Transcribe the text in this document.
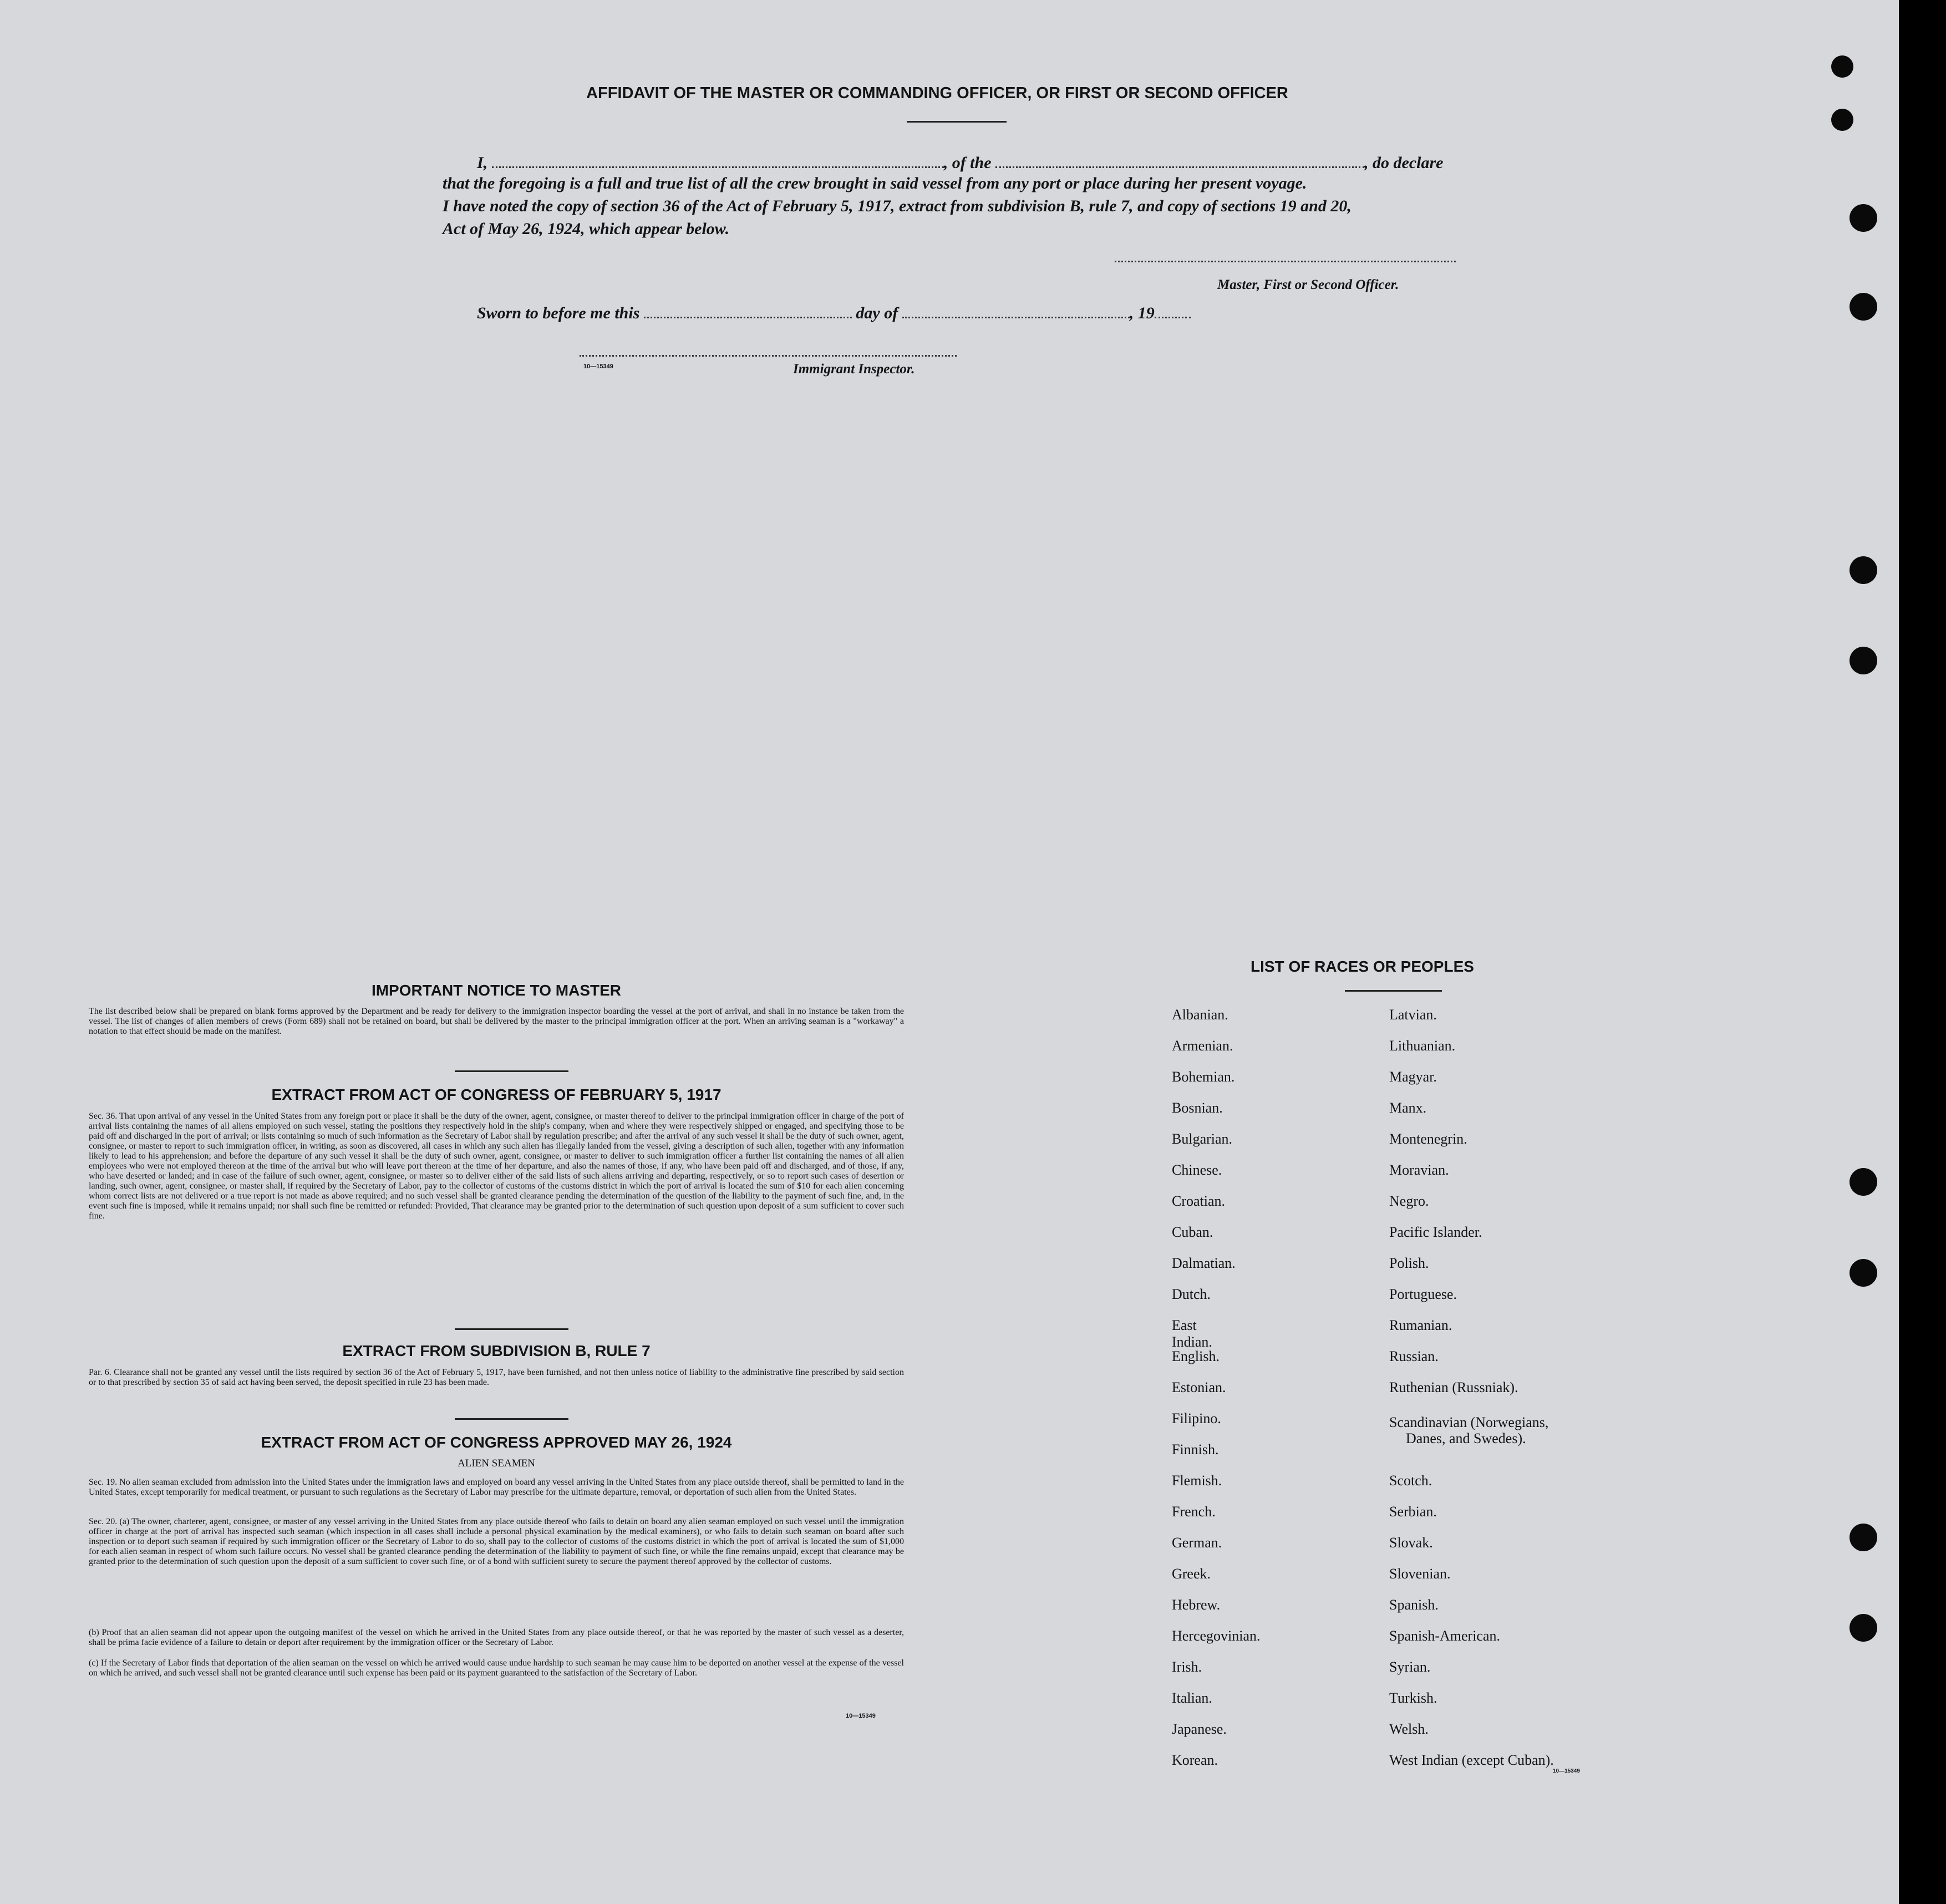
AFFIDAVIT OF THE MASTER OR COMMANDING OFFICER, OR FIRST OR SECOND OFFICER
I,	, of the	, do declare
that the foregoing is a full and true list of all the crew brought in said vessel from any port or place during her present voyage.
I have noted the copy of section 36 of the Act of February 5, 1917, extract from subdivision B, rule 7, and copy of sections 19 and 20,
Act of May 26, 1924, which appear below.
Master, First or Second Officer.
Sworn to before me this	day of	, 19
10—15349	Immigrant Inspector.
IMPORTANT NOTICE TO MASTER
The list described below shall be prepared on blank forms approved by the Department and be ready for delivery to the immigration inspector boarding the vessel at the port of arrival, and shall in no instance be taken from the vessel. The list of changes of alien members of crews (Form 689) shall not be retained on board, but shall be delivered by the master to the principal immigration officer at the port. When an arriving seaman is a "workaway" a notation to that effect should be made on the manifest.
EXTRACT FROM ACT OF CONGRESS OF FEBRUARY 5, 1917
Sec. 36. That upon arrival of any vessel in the United States from any foreign port or place it shall be the duty of the owner, agent, consignee, or master thereof to deliver to the principal immigration officer in charge of the port of arrival lists containing the names of all aliens employed on such vessel, stating the positions they respectively hold in the ship's company, when and where they were respectively shipped or engaged, and specifying those to be paid off and discharged in the port of arrival; or lists containing so much of such information as the Secretary of Labor shall by regulation prescribe; and after the arrival of any such vessel it shall be the duty of such owner, agent, consignee, or master to report to such immigration officer, in writing, as soon as discovered, all cases in which any such alien has illegally landed from the vessel, giving a description of such alien, together with any information likely to lead to his apprehension; and before the departure of any such vessel it shall be the duty of such owner, agent, consignee, or master to deliver to such immigration officer a further list containing the names of all alien employees who were not employed thereon at the time of the arrival but who will leave port thereon at the time of her departure, and also the names of those, if any, who have been paid off and discharged, and of those, if any, who have deserted or landed; and in case of the failure of such owner, agent, consignee, or master so to deliver either of the said lists of such aliens arriving and departing, respectively, or so to report such cases of desertion or landing, such owner, agent, consignee, or master shall, if required by the Secretary of Labor, pay to the collector of customs of the customs district in which the port of arrival is located the sum of $10 for each alien concerning whom correct lists are not delivered or a true report is not made as above required; and no such vessel shall be granted clearance pending the determination of the question of the liability to the payment of such fine, and, in the event such fine is imposed, while it remains unpaid; nor shall such fine be remitted or refunded: Provided, That clearance may be granted prior to the determination of such question upon deposit of a sum sufficient to cover such fine.
EXTRACT FROM SUBDIVISION B, RULE 7
Par. 6. Clearance shall not be granted any vessel until the lists required by section 36 of the Act of February 5, 1917, have been furnished, and not then unless notice of liability to the administrative fine prescribed by said section or to that prescribed by section 35 of said act having been served, the deposit specified in rule 23 has been made.
EXTRACT FROM ACT OF CONGRESS APPROVED MAY 26, 1924
ALIEN SEAMEN
Sec. 19. No alien seaman excluded from admission into the United States under the immigration laws and employed on board any vessel arriving in the United States from any place outside thereof, shall be permitted to land in the United States, except temporarily for medical treatment, or pursuant to such regulations as the Secretary of Labor may prescribe for the ultimate departure, removal, or deportation of such alien from the United States.
Sec. 20. (a) The owner, charterer, agent, consignee, or master of any vessel arriving in the United States from any place outside thereof who fails to detain on board any alien seaman employed on such vessel until the immigration officer in charge at the port of arrival has inspected such seaman (which inspection in all cases shall include a personal physical examination by the medical examiners), or who fails to detain such seaman on board after such inspection or to deport such seaman if required by such immigration officer or the Secretary of Labor to do so, shall pay to the collector of customs of the customs district in which the port of arrival is located the sum of $1,000 for each alien seaman in respect of whom such failure occurs. No vessel shall be granted clearance pending the determination of the liability to payment of such fine, or while the fine remains unpaid, except that clearance may be granted prior to the determination of such question upon the deposit of a sum sufficient to cover such fine, or of a bond with sufficient surety to secure the payment thereof approved by the collector of customs.
(b) Proof that an alien seaman did not appear upon the outgoing manifest of the vessel on which he arrived in the United States from any place outside thereof, or that he was reported by the master of such vessel as a deserter, shall be prima facie evidence of a failure to detain or deport after requirement by the immigration officer or the Secretary of Labor.
(c) If the Secretary of Labor finds that deportation of the alien seaman on the vessel on which he arrived would cause undue hardship to such seaman he may cause him to be deported on another vessel at the expense of the vessel on which he arrived, and such vessel shall not be granted clearance until such expense has been paid or its payment guaranteed to the satisfaction of the Secretary of Labor.
10—15349
LIST OF RACES OR PEOPLES
Albanian.
Armenian.
Bohemian.
Bosnian.
Bulgarian.
Chinese.
Croatian.
Cuban.
Dalmatian.
Dutch.
East Indian.
English.
Estonian.
Filipino.
Finnish.
Flemish.
French.
German.
Greek.
Hebrew.
Hercegovinian.
Irish.
Italian.
Japanese.
Korean.
Latvian.
Lithuanian.
Magyar.
Manx.
Montenegrin.
Moravian.
Negro.
Pacific Islander.
Polish.
Portuguese.
Rumanian.
Russian.
Ruthenian (Russniak).
Scandinavian (Norwegians,
Danes, and Swedes).
Scotch.
Serbian.
Slovak.
Slovenian.
Spanish.
Spanish-American.
Syrian.
Turkish.
Welsh.
West Indian (except Cuban).
10—15349
